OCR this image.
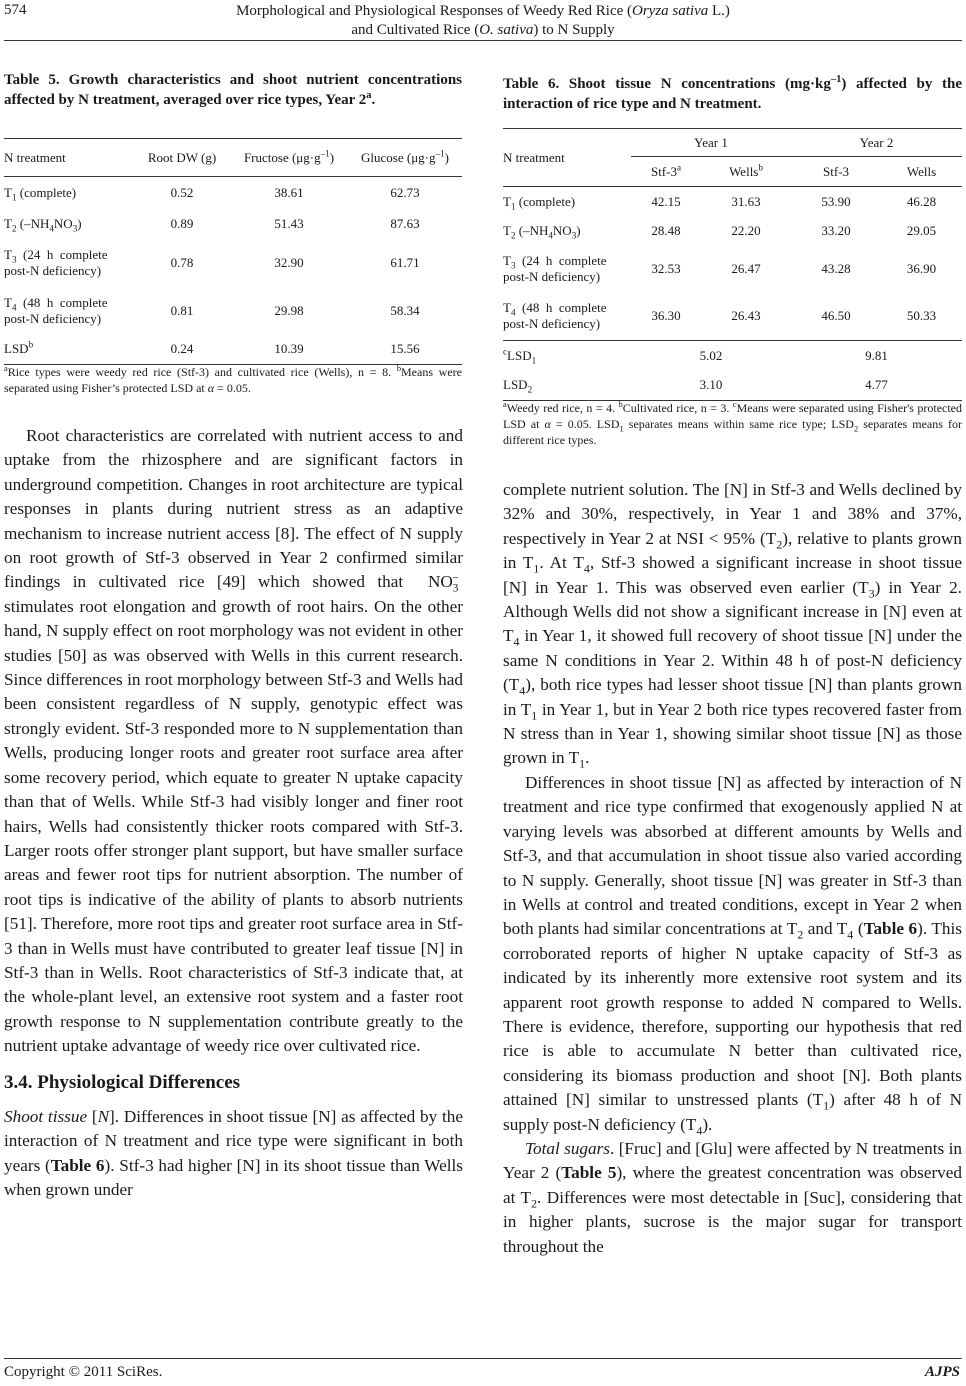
574	Morphological and Physiological Responses of Weedy Red Rice (Oryza sativa L.)
and Cultivated Rice (O. sativa) to N Supply
Table 5. Growth characteristics and shoot nutrient concentrations affected by N treatment, averaged over rice types, Year 2$^a$.
N treatment	Root DW (g)	Fructose $(\mu g\cdot g^{-1})$	Glucose $(\mu g\cdot g^{-1})$
$T_1$ (complete)	0.52	38.61	62.73
$T_2$ $(-NH_4NO_3)$	0.89	51.43	87.63
$T_3$  (24  h  complete post-N deficiency)	0.78	32.90	61.71
$T_4$  (48  h  complete post-N deficiency)	0.81	29.98	58.34
LSD$^b$	0.24	10.39	15.56

$^a$Rice types were weedy red rice (Stf-3) and cultivated rice (Wells), n = 8. $^b$Means were separated using Fisher’s protected LSD at α = 0.05.

Root characteristics are correlated with nutrient access to and uptake from the rhizosphere and are significant factors in underground competition. Changes in root architecture are typical responses in plants during nutrient stress as an adaptive mechanism to increase nutrient access [8]. The effect of N supply on root growth of Stf-3 observed in Year 2 confirmed similar findings in cultivated rice [49] which showed that  $NO_3^-$  stimulates root elongation and growth of root hairs. On the other hand, N supply effect on root morphology was not evident in other studies [50] as was observed with Wells in this current research. Since differences in root morphology between Stf-3 and Wells had been consistent regardless of N supply, genotypic effect was strongly evident. Stf-3 responded more to N supplementation than Wells, producing longer roots and greater root surface area after some recovery period, which equate to greater N uptake capacity than that of Wells. While Stf-3 had visibly longer and finer root hairs, Wells had consistently thicker roots compared with Stf-3. Larger roots offer stronger plant support, but have smaller surface areas and fewer root tips for nutrient absorption. The number of root tips is indicative of the ability of plants to absorb nutrients [51]. Therefore, more root tips and greater root surface area in Stf-3 than in Wells must have contributed to greater leaf tissue [N] in Stf-3 than in Wells. Root characteristics of Stf-3 indicate that, at the whole-plant level, an extensive root system and a faster root growth response to N supplementation contribute greatly to the nutrient uptake advantage of weedy rice over cultivated rice.

3.4. Physiological Differences

Shoot tissue [N]. Differences in shoot tissue [N] as affected by the interaction of N treatment and rice type were significant in both years (Table 6). Stf-3 had higher [N] in its shoot tissue than Wells when grown under

Table 6. Shoot tissue N concentrations $(mg\cdot kg^{-1})$ affected by the interaction of rice type and N treatment.
N treatment	Year 1		Year 2	
	Stf-3$^a$	Wells$^b$	Stf-3	Wells
$T_1$ (complete)	42.15	31.63	53.90	46.28
$T_2$ $(-NH_4NO_3)$	28.48	22.20	33.20	29.05
$T_3$  (24  h  complete post-N deficiency)	32.53	26.47	43.28	36.90
$T_4$  (48  h  complete post-N deficiency)	36.30	26.43	46.50	50.33
$^cLSD_1$	5.02		9.81	
$LSD_2$	3.10		4.77	

$^a$Weedy red rice, n = 4. $^b$Cultivated rice, n = 3. $^c$Means were separated using Fisher's protected LSD at α = 0.05. $LSD_1$ separates means within same rice type; $LSD_2$ separates means for different rice types.

complete nutrient solution. The [N] in Stf-3 and Wells declined by 32% and 30%, respectively, in Year 1 and 38% and 37%, respectively in Year 2 at NSI < 95% $(T_2)$, relative to plants grown in $T_1$. At $T_4$, Stf-3 showed a significant increase in shoot tissue [N] in Year 1. This was observed even earlier $(T_3)$ in Year 2. Although Wells did not show a significant increase in [N] even at $T_4$ in Year 1, it showed full recovery of shoot tissue [N] under the same N conditions in Year 2. Within 48 h of post-N deficiency $(T_4)$, both rice types had lesser shoot tissue [N] than plants grown in $T_1$ in Year 1, but in Year 2 both rice types recovered faster from N stress than in Year 1, showing similar shoot tissue [N] as those grown in $T_1$.

Differences in shoot tissue [N] as affected by interaction of N treatment and rice type confirmed that exogenously applied N at varying levels was absorbed at different amounts by Wells and Stf-3, and that accumulation in shoot tissue also varied according to N supply. Generally, shoot tissue [N] was greater in Stf-3 than in Wells at control and treated conditions, except in Year 2 when both plants had similar concentrations at $T_2$ and $T_4$ (Table 6). This corroborated reports of higher N uptake capacity of Stf-3 as indicated by its inherently more extensive root system and its apparent root growth response to added N compared to Wells. There is evidence, therefore, supporting our hypothesis that red rice is able to accumulate N better than cultivated rice, considering its biomass production and shoot [N]. Both plants attained [N] similar to unstressed plants $(T_1)$ after 48 h of N supply post-N deficiency $(T_4)$.

Total sugars. [Fruc] and [Glu] were affected by N treatments in Year 2 (Table 5), where the greatest concentration was observed at $T_2$. Differences were most detectable in [Suc], considering that in higher plants, sucrose is the major sugar for transport throughout the

Copyright © 2011 SciRes.	AJPS
